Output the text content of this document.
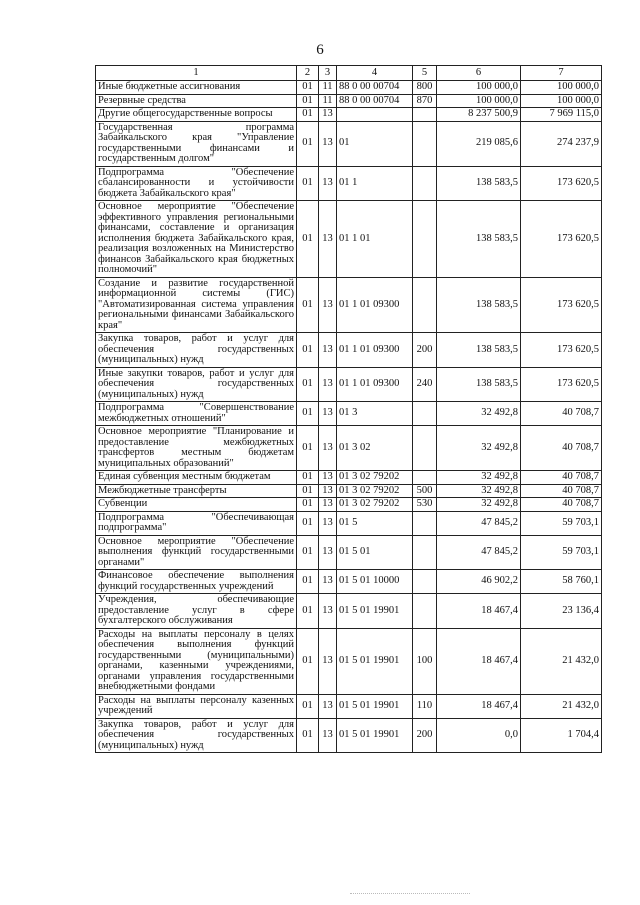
6
1	2	3	4	5	6	7
Иные бюджетные ассигнования	01	11	88 0 00 00704	800	100 000,0	100 000,0
Резервные средства	01	11	88 0 00 00704	870	100 000,0	100 000,0
Другие общегосударственные вопросы	01	13			8 237 500,9	7 969 115,0
Государственная программа Забайкальского края "Управление государственными финансами и государственным долгом"	01	13	01		219 085,6	274 237,9
Подпрограмма "Обеспечение сбалансированности и устойчивости бюджета Забайкальского края"	01	13	01 1		138 583,5	173 620,5
Основное мероприятие "Обеспечение эффективного управления региональными финансами, составление и организация исполнения бюджета Забайкальского края, реализация возложенных на Министерство финансов Забайкальского края бюджетных полномочий"	01	13	01 1 01		138 583,5	173 620,5
Создание и развитие государственной информационной системы (ГИС) "Автоматизированная система управления региональными финансами Забайкальского края"	01	13	01 1 01 09300		138 583,5	173 620,5
Закупка товаров, работ и услуг для обеспечения государственных (муниципальных) нужд	01	13	01 1 01 09300	200	138 583,5	173 620,5
Иные закупки товаров, работ и услуг для обеспечения государственных (муниципальных) нужд	01	13	01 1 01 09300	240	138 583,5	173 620,5
Подпрограмма "Совершенствование межбюджетных отношений"	01	13	01 3		32 492,8	40 708,7
Основное мероприятие "Планирование и предоставление межбюджетных трансфертов местным бюджетам муниципальных образований"	01	13	01 3 02		32 492,8	40 708,7
Единая субвенция местным бюджетам	01	13	01 3 02 79202		32 492,8	40 708,7
Межбюджетные трансферты	01	13	01 3 02 79202	500	32 492,8	40 708,7
Субвенции	01	13	01 3 02 79202	530	32 492,8	40 708,7
Подпрограмма "Обеспечивающая подпрограмма"	01	13	01 5		47 845,2	59 703,1
Основное мероприятие "Обеспечение выполнения функций государственными органами"	01	13	01 5 01		47 845,2	59 703,1
Финансовое обеспечение выполнения функций государственных учреждений	01	13	01 5 01 10000		46 902,2	58 760,1
Учреждения, обеспечивающие предоставление услуг в сфере бухгалтерского обслуживания	01	13	01 5 01 19901		18 467,4	23 136,4
Расходы на выплаты персоналу в целях обеспечения выполнения функций государственными (муниципальными) органами, казенными учреждениями, органами управления государственными внебюджетными фондами	01	13	01 5 01 19901	100	18 467,4	21 432,0
Расходы на выплаты персоналу казенных учреждений	01	13	01 5 01 19901	110	18 467,4	21 432,0
Закупка товаров, работ и услуг для обеспечения государственных (муниципальных) нужд	01	13	01 5 01 19901	200	0,0	1 704,4
